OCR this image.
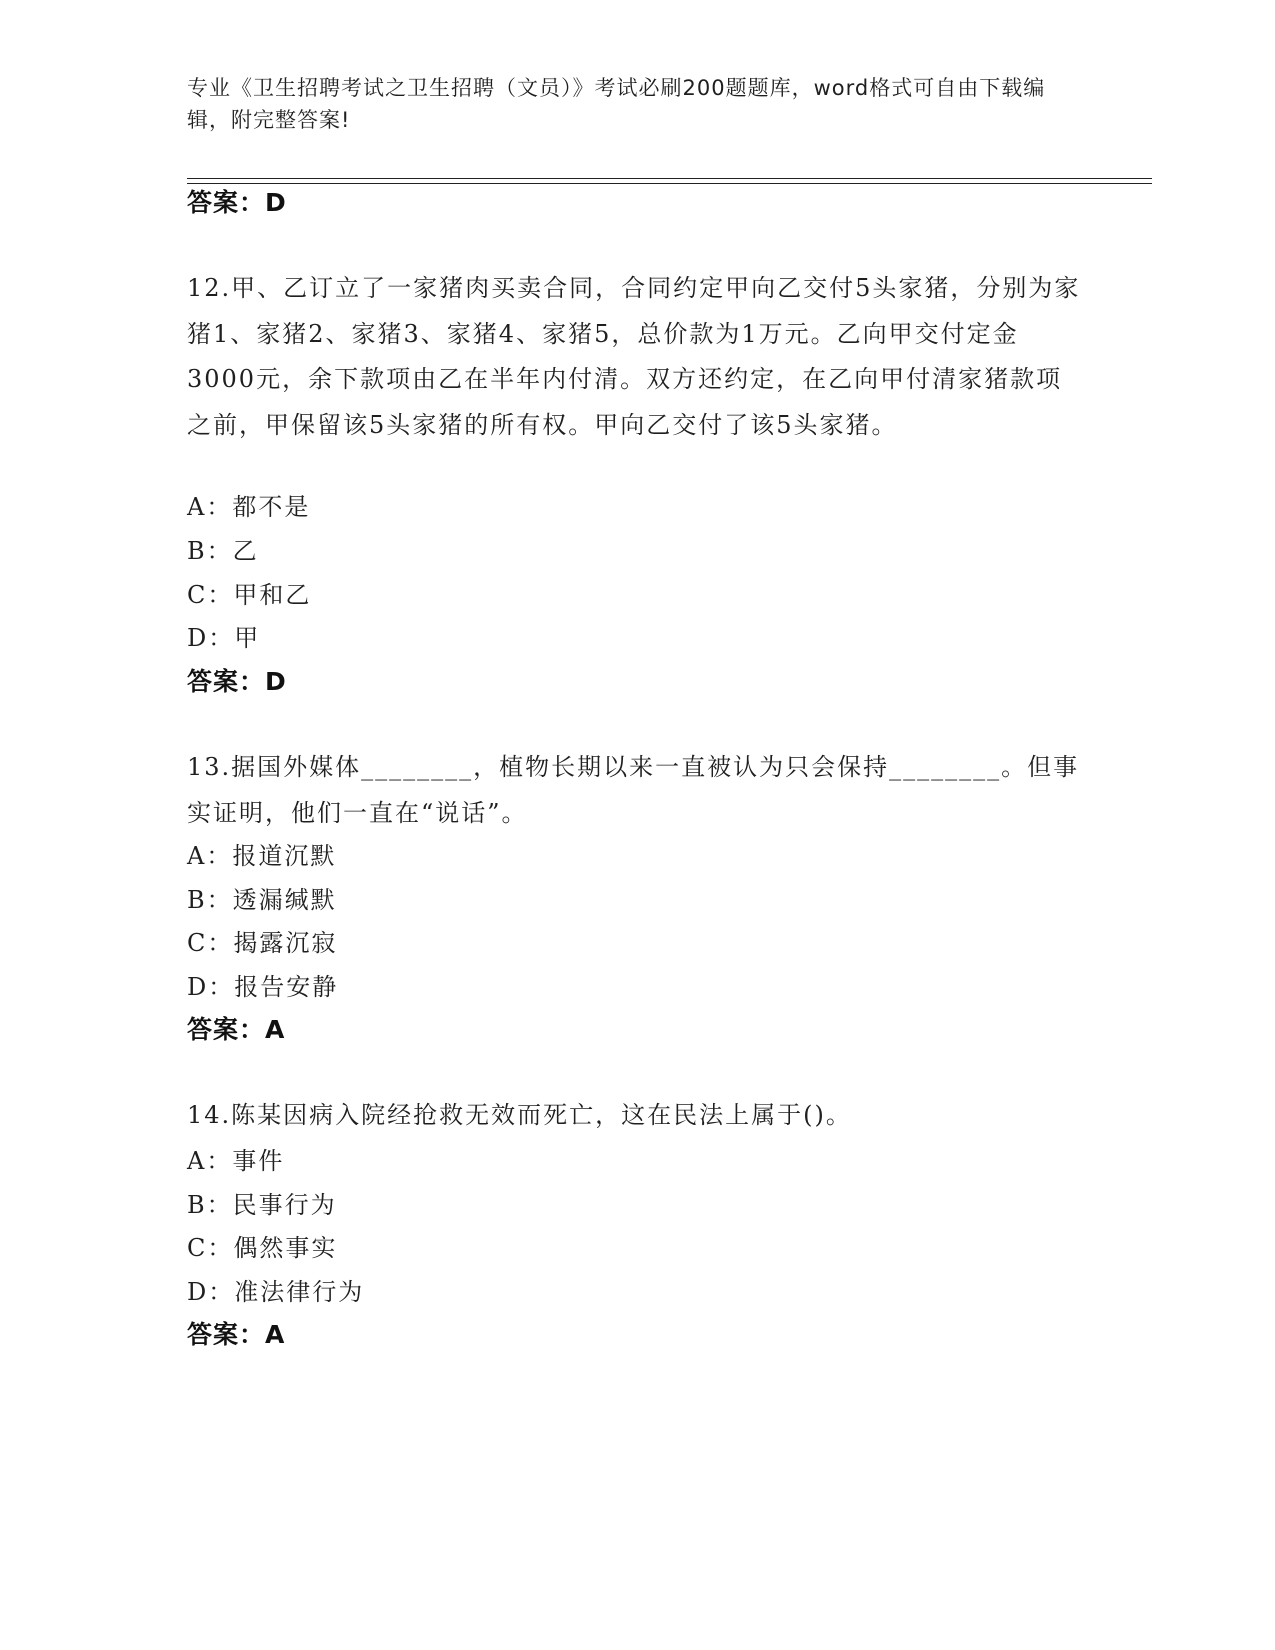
专业《卫生招聘考试之卫生招聘（文员）》考试必刷200题题库，word格式可自由下载编辑，附完整答案!
答案：D
12.甲、乙订立了一家猪肉买卖合同，合同约定甲向乙交付5头家猪，分别为家猪1、家猪2、家猪3、家猪4、家猪5，总价款为1万元。乙向甲交付定金3000元，余下款项由乙在半年内付清。双方还约定，在乙向甲付清家猪款项之前，甲保留该5头家猪的所有权。甲向乙交付了该5头家猪。
A：都不是
B：乙
C：甲和乙
D：甲
答案：D
13.据国外媒体________，植物长期以来一直被认为只会保持________。但事实证明，他们一直在“说话”。
A：报道沉默
B：透漏缄默
C：揭露沉寂
D：报告安静
答案：A
14.陈某因病入院经抢救无效而死亡，这在民法上属于()。
A：事件
B：民事行为
C：偶然事实
D：准法律行为
答案：A
